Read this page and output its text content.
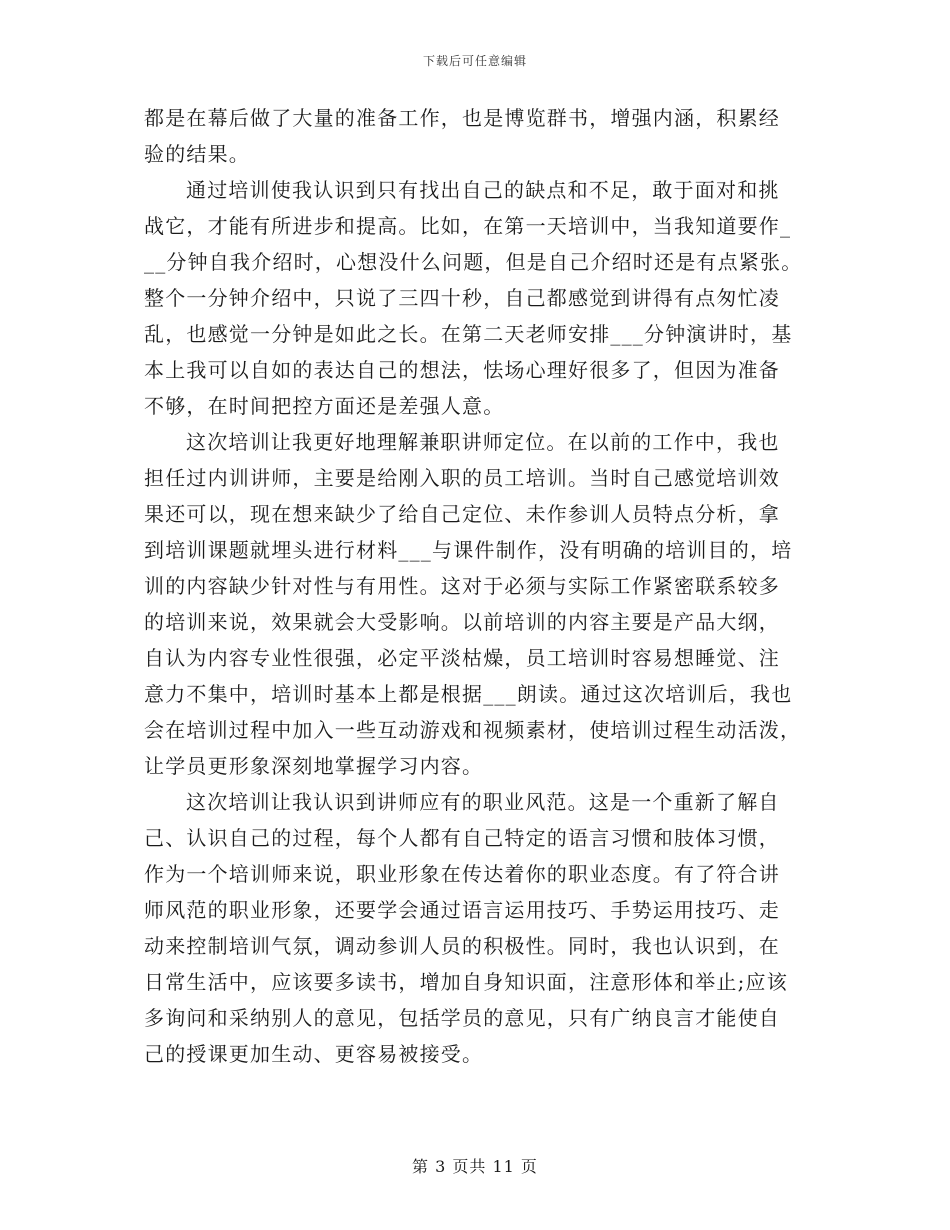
下载后可任意编辑
都是在幕后做了大量的准备工作，也是博览群书，增强内涵，积累经
验的结果。
通过培训使我认识到只有找出自己的缺点和不足，敢于面对和挑
战它，才能有所进步和提高。比如，在第一天培训中，当我知道要作_
__分钟自我介绍时，心想没什么问题，但是自己介绍时还是有点紧张。
整个一分钟介绍中，只说了三四十秒，自己都感觉到讲得有点匆忙凌
乱，也感觉一分钟是如此之长。在第二天老师安排___分钟演讲时，基
本上我可以自如的表达自己的想法，怯场心理好很多了，但因为准备
不够，在时间把控方面还是差强人意。
这次培训让我更好地理解兼职讲师定位。在以前的工作中，我也
担任过内训讲师，主要是给刚入职的员工培训。当时自己感觉培训效
果还可以，现在想来缺少了给自己定位、未作参训人员特点分析，拿
到培训课题就埋头进行材料___与课件制作，没有明确的培训目的，培
训的内容缺少针对性与有用性。这对于必须与实际工作紧密联系较多
的培训来说，效果就会大受影响。以前培训的内容主要是产品大纲，
自认为内容专业性很强，必定平淡枯燥，员工培训时容易想睡觉、注
意力不集中，培训时基本上都是根据___朗读。通过这次培训后，我也
会在培训过程中加入一些互动游戏和视频素材，使培训过程生动活泼，
让学员更形象深刻地掌握学习内容。
这次培训让我认识到讲师应有的职业风范。这是一个重新了解自
己、认识自己的过程，每个人都有自己特定的语言习惯和肢体习惯，
作为一个培训师来说，职业形象在传达着你的职业态度。有了符合讲
师风范的职业形象，还要学会通过语言运用技巧、手势运用技巧、走
动来控制培训气氛，调动参训人员的积极性。同时，我也认识到，在
日常生活中，应该要多读书，增加自身知识面，注意形体和举止;应该
多询问和采纳别人的意见，包括学员的意见，只有广纳良言才能使自
己的授课更加生动、更容易被接受。
第 3 页共 11 页
